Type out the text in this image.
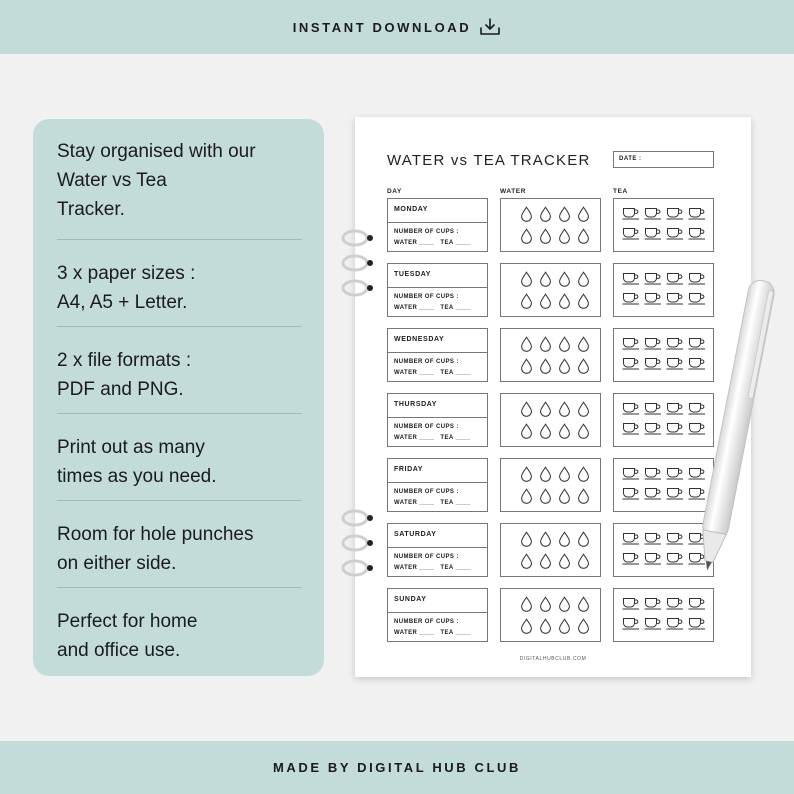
INSTANT DOWNLOAD

Stay organised with our
Water vs Tea
Tracker.

3 x paper sizes :
A4, A5 + Letter.

2 x file formats :
PDF and PNG.

Print out as many
times as you need.

Room for hole punches
on either side.

Perfect for home
and office use.

WATER vs TEA TRACKER	DATE :
DAY	WATER	TEA
MONDAY
NUMBER OF CUPS :
WATER ____   TEA ____
TUESDAY
NUMBER OF CUPS :
WATER ____   TEA ____
WEDNESDAY
NUMBER OF CUPS :
WATER ____   TEA ____
THURSDAY
NUMBER OF CUPS :
WATER ____   TEA ____
FRIDAY
NUMBER OF CUPS :
WATER ____   TEA ____
SATURDAY
NUMBER OF CUPS :
WATER ____   TEA ____
SUNDAY
NUMBER OF CUPS :
WATER ____   TEA ____
DIGITALHUBCLUB.COM
MADE BY DIGITAL HUB CLUB
